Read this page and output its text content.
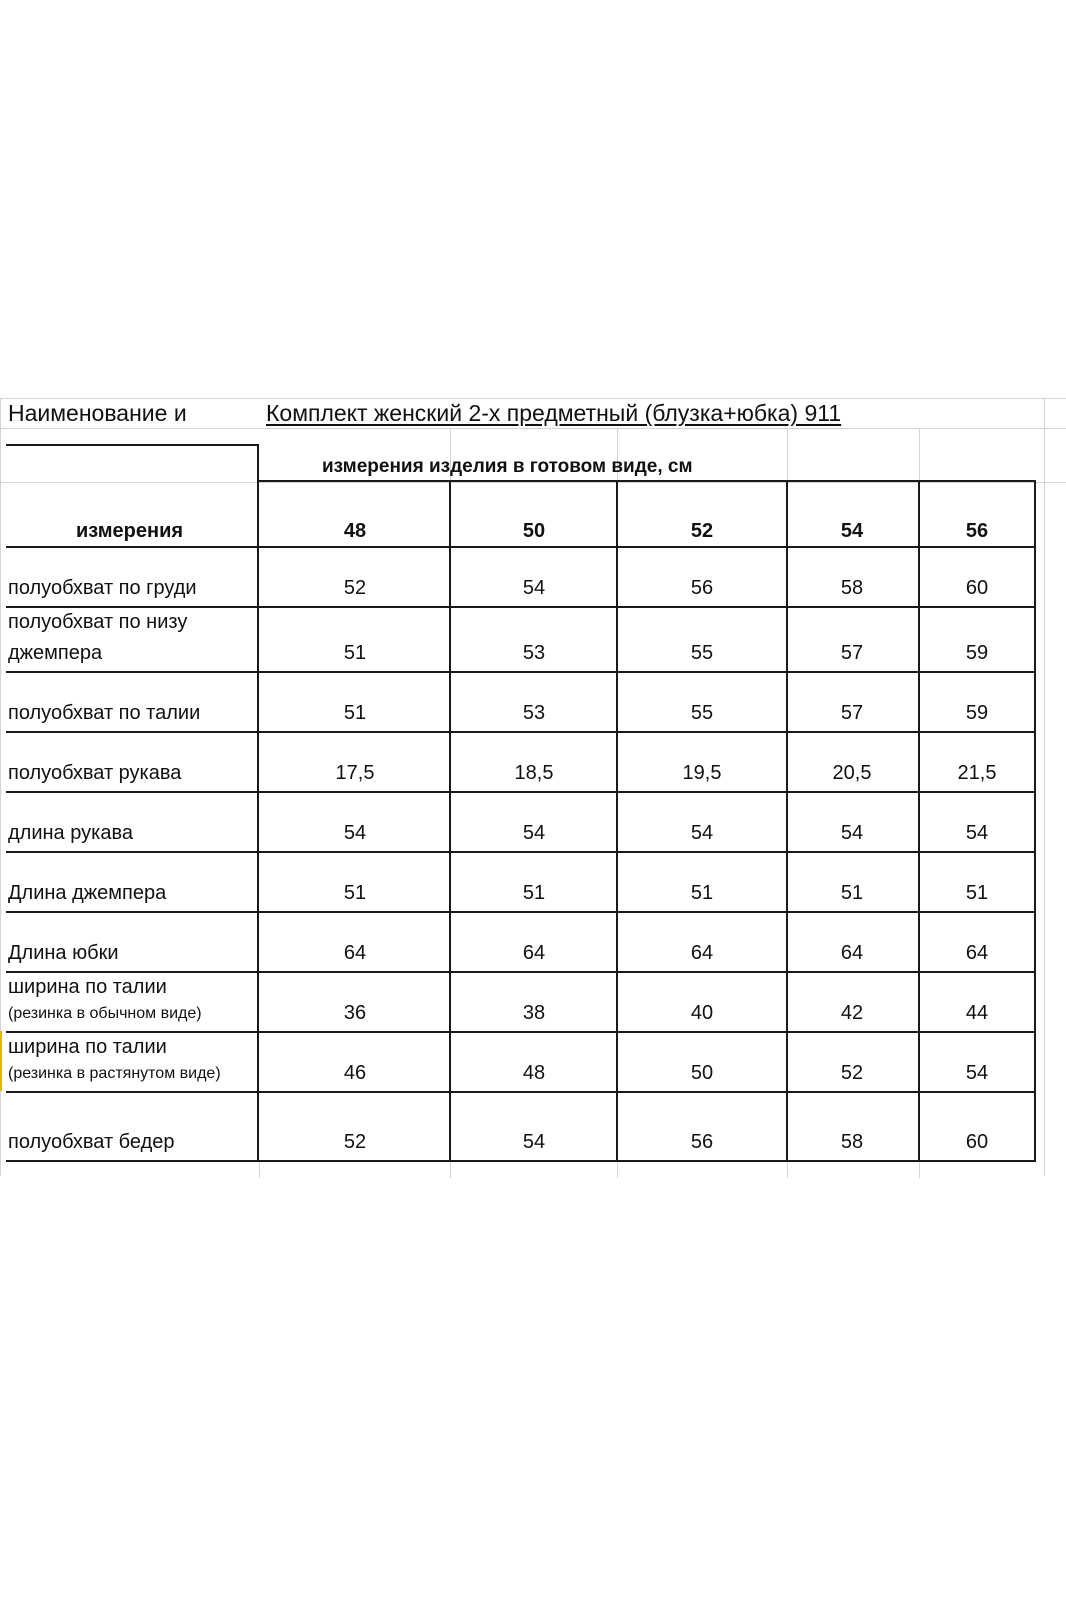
Наименование и	Комплект женский 2-х предметный (блузка+юбка) 911
измерения изделия в готовом виде, см
измерения	48	50	52	54	56
полуобхват по груди	52	54	56	58	60
полуобхват по низу
джемпера	51	53	55	57	59
полуобхват по талии	51	53	55	57	59
полуобхват рукава	17,5	18,5	19,5	20,5	21,5
длина рукава	54	54	54	54	54
Длина джемпера	51	51	51	51	51
Длина юбки	64	64	64	64	64
ширина по талии
(резинка в обычном виде)	36	38	40	42	44
ширина по талии
(резинка в растянутом виде)	46	48	50	52	54
полуобхват бедер	52	54	56	58	60
